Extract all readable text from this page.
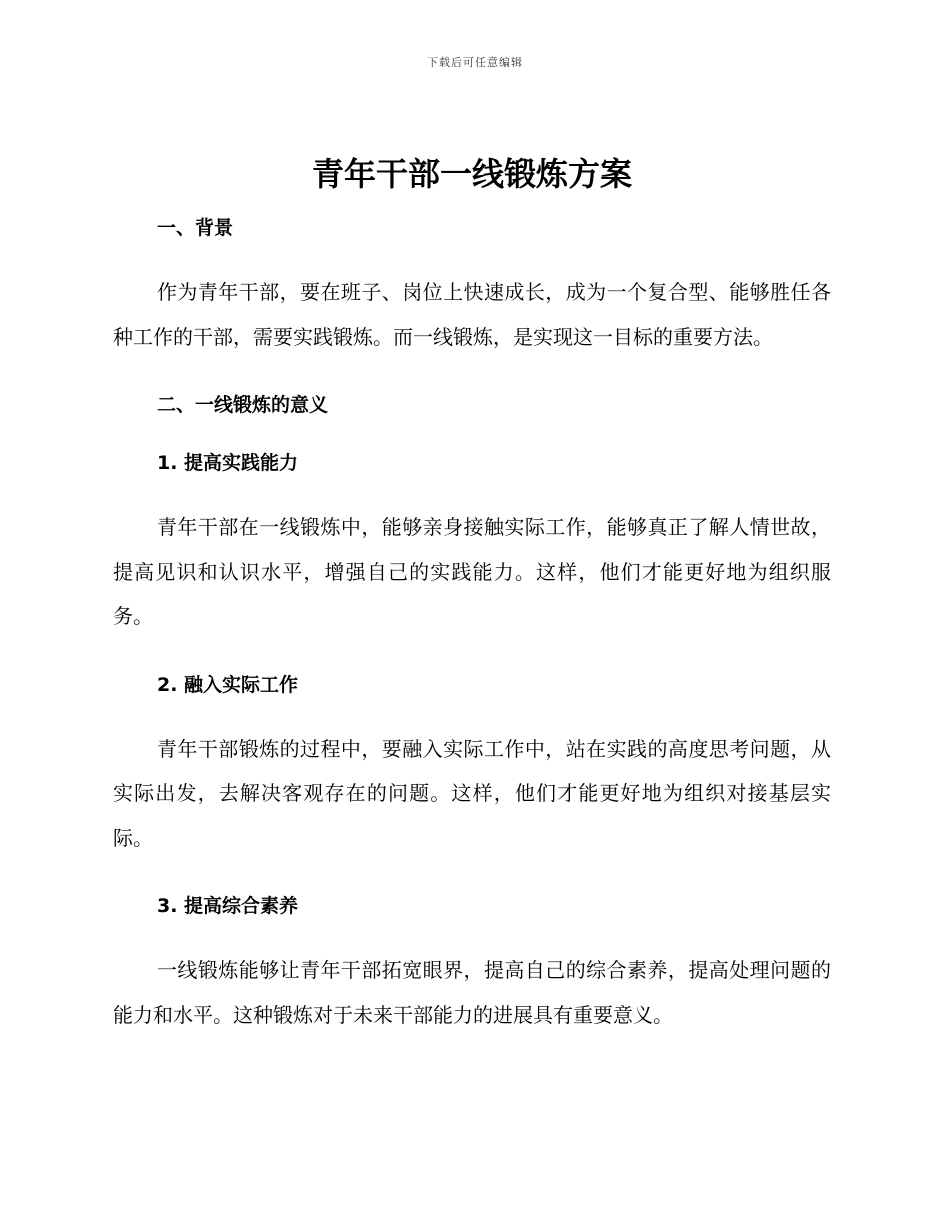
下载后可任意编辑
青年干部一线锻炼方案
一、背景

作为青年干部，要在班子、岗位上快速成长，成为一个复合型、能够胜任各种工作的干部，需要实践锻炼。而一线锻炼，是实现这一目标的重要方法。

二、一线锻炼的意义
1. 提高实践能力

青年干部在一线锻炼中，能够亲身接触实际工作，能够真正了解人情世故，提高见识和认识水平，增强自己的实践能力。这样，他们才能更好地为组织服务。

2. 融入实际工作

青年干部锻炼的过程中，要融入实际工作中，站在实践的高度思考问题，从实际出发，去解决客观存在的问题。这样，他们才能更好地为组织对接基层实际。

3. 提高综合素养

一线锻炼能够让青年干部拓宽眼界，提高自己的综合素养，提高处理问题的能力和水平。这种锻炼对于未来干部能力的进展具有重要意义。
